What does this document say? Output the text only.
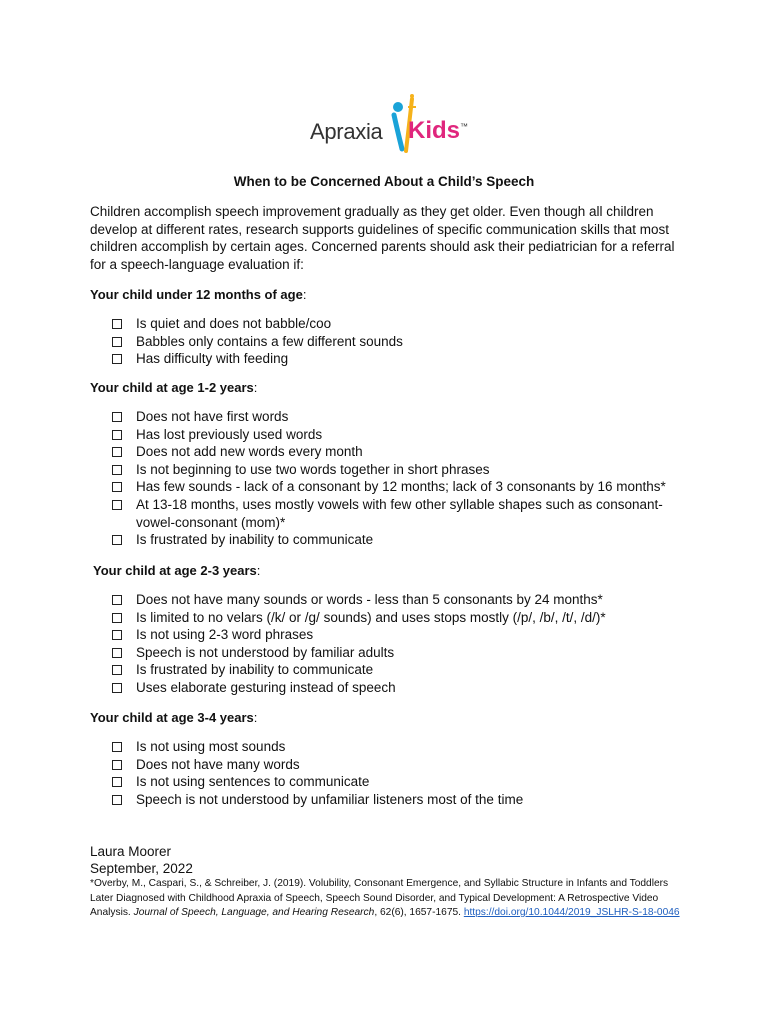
Apraxia Kids™
When to be Concerned About a Child’s Speech
Children accomplish speech improvement gradually as they get older. Even though all children develop at different rates, research supports guidelines of specific communication skills that most children accomplish by certain ages. Concerned parents should ask their pediatrician for a referral for a speech-language evaluation if:
Your child under 12 months of age:
Is quiet and does not babble/coo
Babbles only contains a few different sounds
Has difficulty with feeding
Your child at age 1-2 years:
Does not have first words
Has lost previously used words
Does not add new words every month
Is not beginning to use two words together in short phrases
Has few sounds - lack of a consonant by 12 months; lack of 3 consonants by 16 months*
At 13-18 months, uses mostly vowels with few other syllable shapes such as consonant-vowel-consonant (mom)*
Is frustrated by inability to communicate
Your child at age 2-3 years:
Does not have many sounds or words - less than 5 consonants by 24 months*
Is limited to no velars (/k/ or /g/ sounds) and uses stops mostly (/p/, /b/, /t/, /d/)*
Is not using 2-3 word phrases
Speech is not understood by familiar adults
Is frustrated by inability to communicate
Uses elaborate gesturing instead of speech
Your child at age 3-4 years:
Is not using most sounds
Does not have many words
Is not using sentences to communicate
Speech is not understood by unfamiliar listeners most of the time
Laura Moorer
September, 2022
*Overby, M., Caspari, S., & Schreiber, J. (2019). Volubility, Consonant Emergence, and Syllabic Structure in Infants and Toddlers Later Diagnosed with Childhood Apraxia of Speech, Speech Sound Disorder, and Typical Development: A Retrospective Video Analysis. Journal of Speech, Language, and Hearing Research, 62(6), 1657-1675. https://doi.org/10.1044/2019_JSLHR-S-18-0046
